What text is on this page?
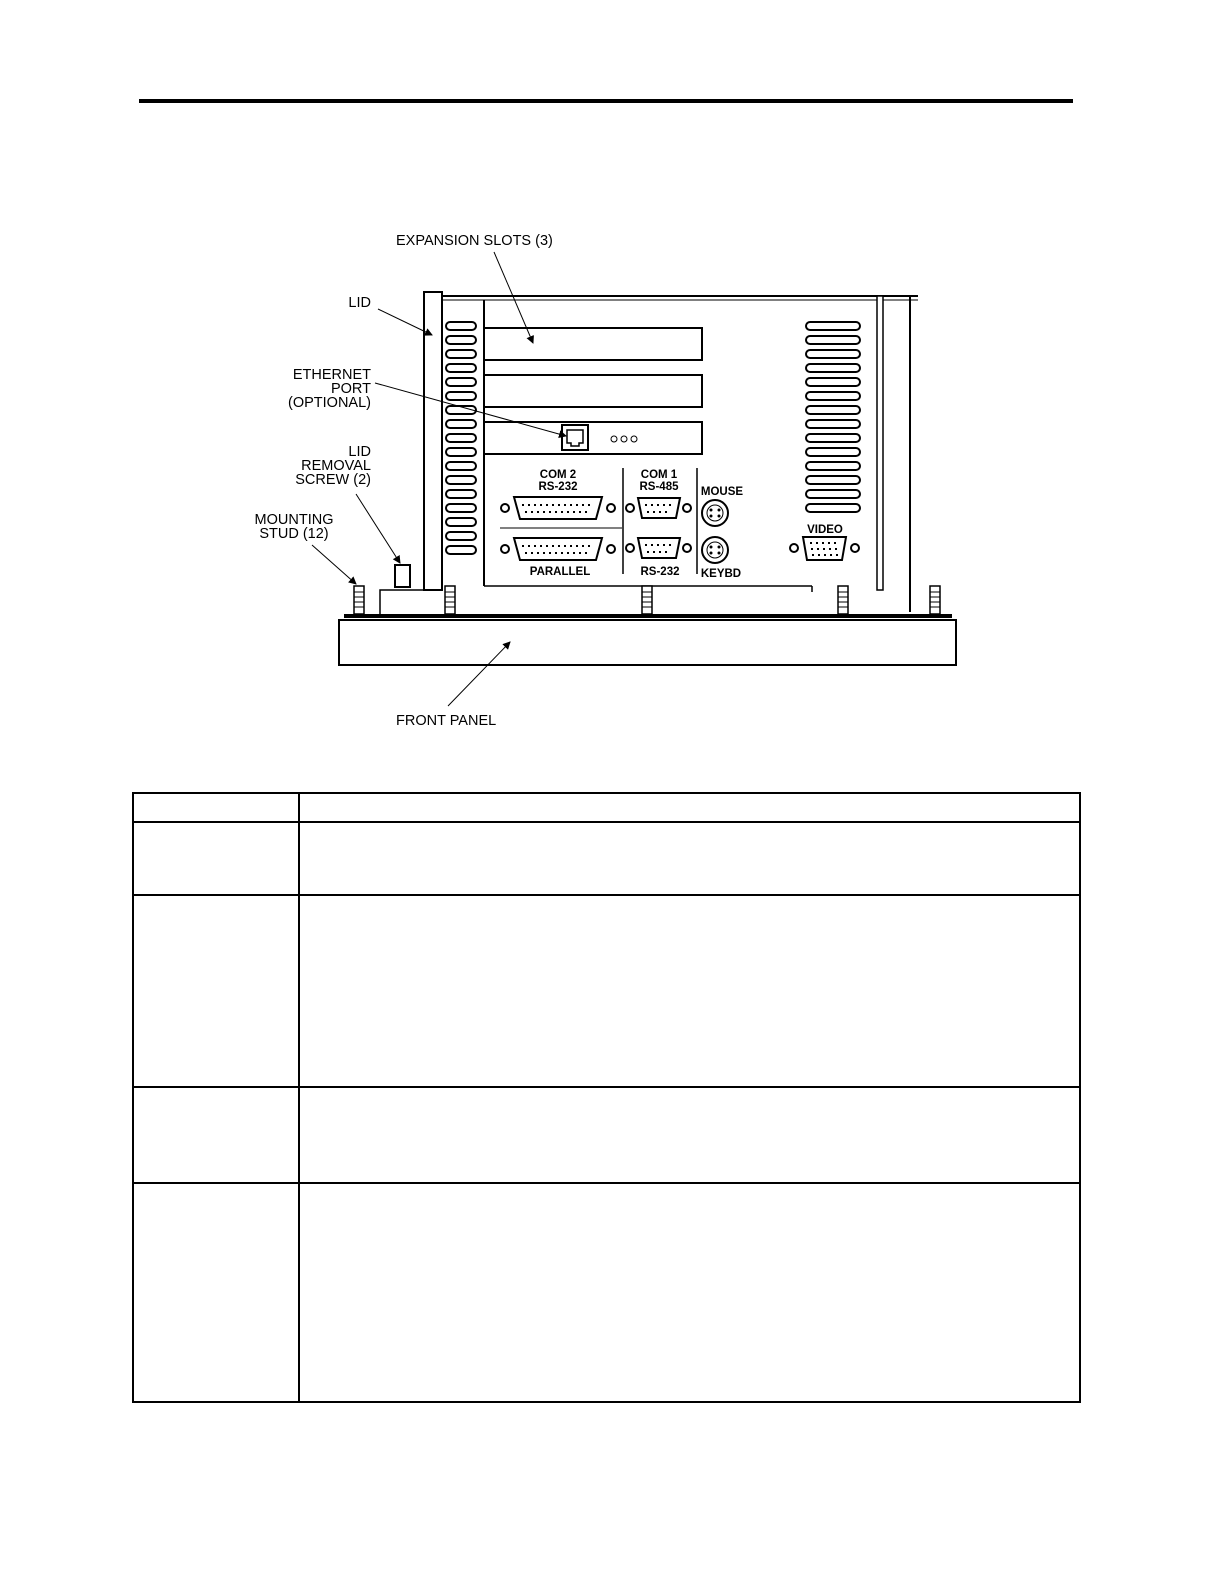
EXPANSION SLOTS (3)
LID
ETHERNET
PORT
(OPTIONAL)
LID
REMOVAL
SCREW (2)
MOUNTING
STUD (12)
FRONT PANEL
COM 2
RS-232
COM 1
RS-485 MOUSE
VIDEO
PARALLEL	RS-232 KEYBD
